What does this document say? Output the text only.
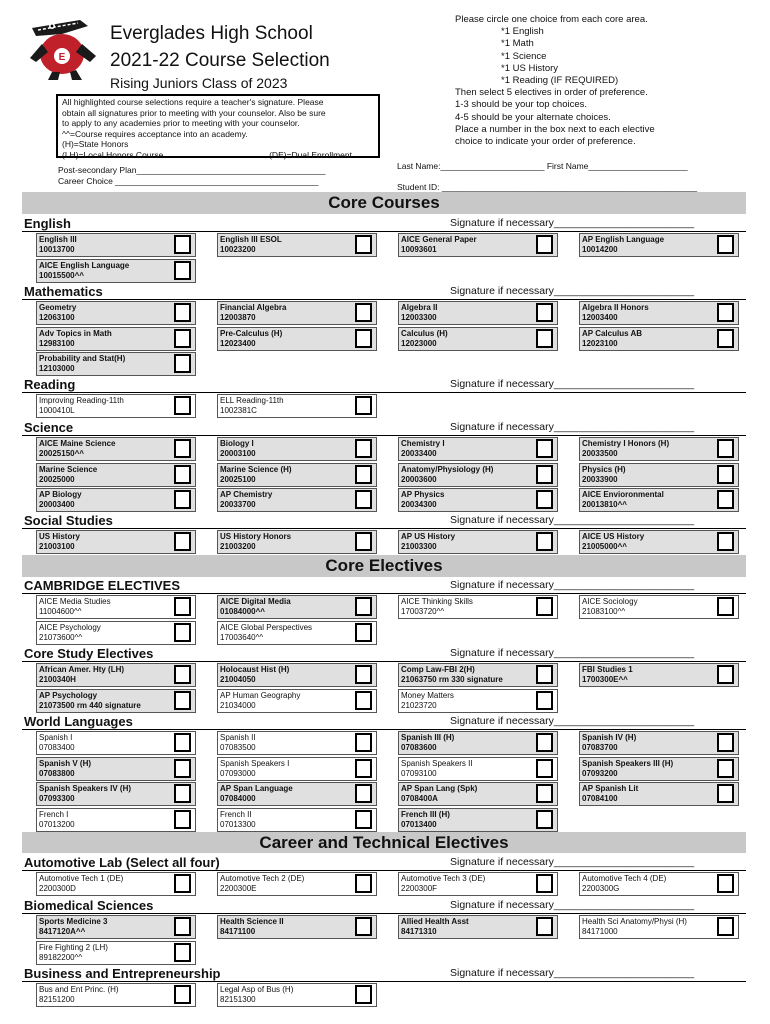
E
Everglades High School
2021-22 Course Selection
Rising Juniors Class of 2023
All highlighted course selections require a teacher's signature. Please
obtain all signatures prior to meeting with your counselor. Also be sure
to apply to any academies prior to meeting with your counselor.
^^=Course requires acceptance into an academy.
(H)=State Honors
(LH)=Local Honors Course	(DE)=Dual Enrollment
Please circle one choice from each core area.
*1 English
*1 Math
*1 Science
*1 US History
*1 Reading (IF REQUIRED)
Then select 5 electives in order of preference.
1-3 should be your top choices.
4-5 should be your alternate choices.
Place a number in the box next to each elective
choice to indicate your order of preference.
Post-secondary Plan________________________________________
Career Choice ___________________________________________
Last Name:______________________ First Name_____________________
Student ID: ______________________________________________________
Core Courses
Core Electives
Career and Technical Electives
English	Signature if necessary________________________
English III
10013700
English III ESOL
10023200
AICE General Paper
10093601
AP English Language
10014200
AICE English Language
10015500^^
Mathematics	Signature if necessary________________________
Geometry
12063100
Financial Algebra
12003870
Algebra II
12003300
Algebra II Honors
12003400
Adv Topics in Math
12983100
Pre-Calculus (H)
12023400
Calculus (H)
12023000
AP Calculus AB
12023100
Probability and Stat(H)
12103000
Reading	Signature if necessary________________________
Improving Reading-11th
1000410L
ELL Reading-11th
1002381C
Science	Signature if necessary________________________
AICE Maine Science
20025150^^
Biology I
20003100
Chemistry I
20033400
Chemistry I Honors (H)
20033500
Marine Science
20025000
Marine Science (H)
20025100
Anatomy/Physiology (H)
20003600
Physics (H)
20033900
AP Biology
20003400
AP Chemistry
20033700
AP Physics
20034300
AICE Envioronmental
20013810^^
Social Studies	Signature if necessary________________________
US History
21003100
US History Honors
21003200
AP US History
21003300
AICE US History
21005000^^
CAMBRIDGE ELECTIVES	Signature if necessary________________________
AICE Media Studies
11004600^^
AICE Digital Media
01084000^^
AICE Thinking Skills
17003720^^
AICE Sociology
21083100^^
AICE Psychology
21073600^^
AICE Global Perspectives
17003640^^
Core Study Electives	Signature if necessary________________________
African Amer. Hty (LH)
2100340H
Holocaust Hist (H)
21004050
Comp Law-FBI 2(H)
21063750 rm 330 signature
FBI Studies 1
1700300E^^
AP Psychology
21073500 rm 440 signature
AP Human Geography
21034000
Money Matters
21023720
World Languages	Signature if necessary________________________
Spanish I
07083400
Spanish II
07083500
Spanish III (H)
07083600
Spanish IV (H)
07083700
Spanish V (H)
07083800
Spanish Speakers I
07093000
Spanish Speakers II
07093100
Spanish Speakers III (H)
07093200
Spanish Speakers IV (H)
07093300
AP Span Language
07084000
AP Span Lang (Spk)
0708400A
AP Spanish Lit
07084100
French I
07013200
French II
07013300
French III (H)
07013400
Automotive Lab (Select all four)	Signature if necessary________________________
Automotive Tech 1 (DE)
2200300D
Automotive Tech 2 (DE)
2200300E
Automotive Tech 3 (DE)
2200300F
Automotive Tech 4 (DE)
2200300G
Biomedical Sciences	Signature if necessary________________________
Sports Medicine 3
8417120A^^
Health Science II
84171100
Allied Health Asst
84171310
Health Sci Anatomy/Physi (H)
84171000
Fire Fighting 2 (LH)
89182200^^
Business and Entrepreneurship	Signature if necessary________________________
Bus and Ent Princ. (H)
82151200
Legal Asp of Bus (H)
82151300
